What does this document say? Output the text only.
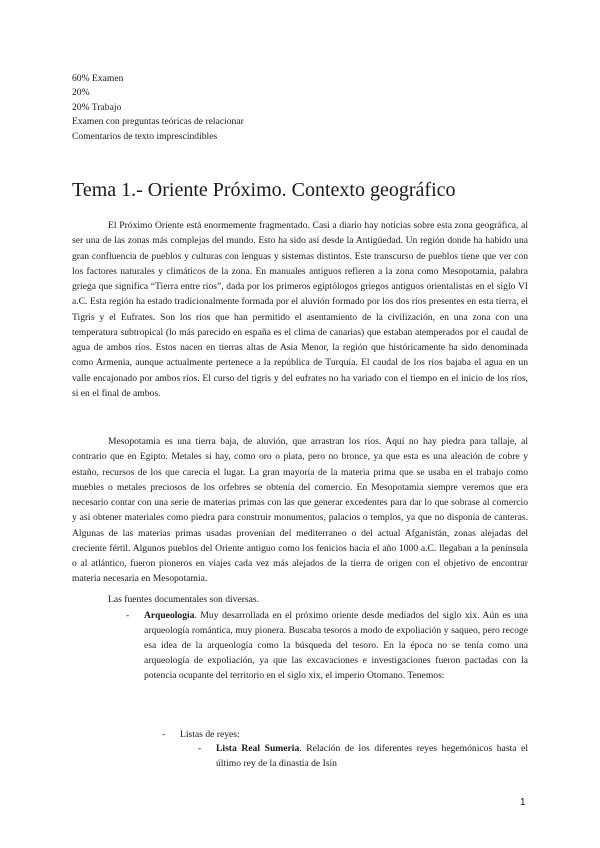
60% Examen
20%
20% Trabajo
Examen con preguntas teóricas de relacionar
Comentarios de texto imprescindibles
Tema 1.- Oriente Próximo. Contexto geográfico

El Próximo Oriente está enormemente fragmentado. Casi a diario hay noticias sobre esta zona geográfica, al ser una de las zonas más complejas del mundo. Esto ha sido así desde la Antigüedad. Un región donde ha habido una gran confluencia de pueblos y culturas con lenguas y sistemas distintos. Este transcurso de pueblos tiene que ver con los factores naturales y climáticos de la zona. En manuales antiguos refieren a la zona como Mesopotamia, palabra griega que significa “Tierra entre ríos”, dada por los primeros egiptólogos griegos antiguos orientalistas en el siglo VI a.C. Esta región ha estado tradicionalmente formada por el aluvión formado por los dos ríos presentes en esta tierra, el Tigris y el Eufrates. Son los ríos que han permitido el asentamiento de la civilización, en una zona con una temperatura subtropical (lo más parecido en españa es el clima de canarias) que estaban atemperados por el caudal de agua de ambos ríos. Estos nacen en tierras altas de Asia Menor, la región que históricamente ha sido denominada como Armenia, aunque actualmente pertenece a la república de Turquía. El caudal de los ríos bajaba el agua en un valle encajonado por ambos ríos. El curso del tigris y del eufrates no ha variado con el tiempo en el inicio de los ríos, si en el final de ambos.

Mesopotamia es una tierra baja, de aluvión, que arrastran los ríos. Aquí no hay piedra para tallaje, al contrario que en Egipto. Metales sí hay, como oro o plata, pero no bronce, ya que esta es una aleación de cobre y estaño, recursos de los que carecía el lugar. La gran mayoría de la materia prima que se usaba en el trabajo como muebles o metales preciosos de los orfebres se obtenía del comercio. En Mesopotamia siempre veremos que era necesario contar con una serie de materias primas con las que generar excedentes para dar lo que sobrase al comercio y así obtener materiales como piedra para construir monumentos, palacios o templos, ya que no disponía de canteras. Algunas de las materias primas usadas provenían del mediterraneo o del actual Afganistán, zonas alejadas del creciente fértil. Algunos pueblos del Oriente antiguo como los fenicios hacia el año 1000 a.C. llegaban a la península o al atlántico, fueron pioneros en viajes cada vez más alejados de la tierra de origen con el objetivo de encontrar materia necesaria en Mesopotamia.

Las fuentes documentales son diversas.
- Arqueología. Muy desarrollada en el próximo oriente desde mediados del siglo xix. Aún es una arqueología romántica, muy pionera. Buscaba tesoros a modo de expoliación y saqueo, pero recoge esa idea de la arqueología como la búsqueda del tesoro. En la época no se tenía como una arqueología de expoliación, ya que las excavaciones e investigaciones fueron pactadas con la potencia ocupante del territorio en el siglo xix, el imperio Otomano. Tenemos:
- Listas de reyes:
- Lista Real Sumeria. Relación de los diferentes reyes hegemónicos hasta el último rey de la dinastía de Isín
1
